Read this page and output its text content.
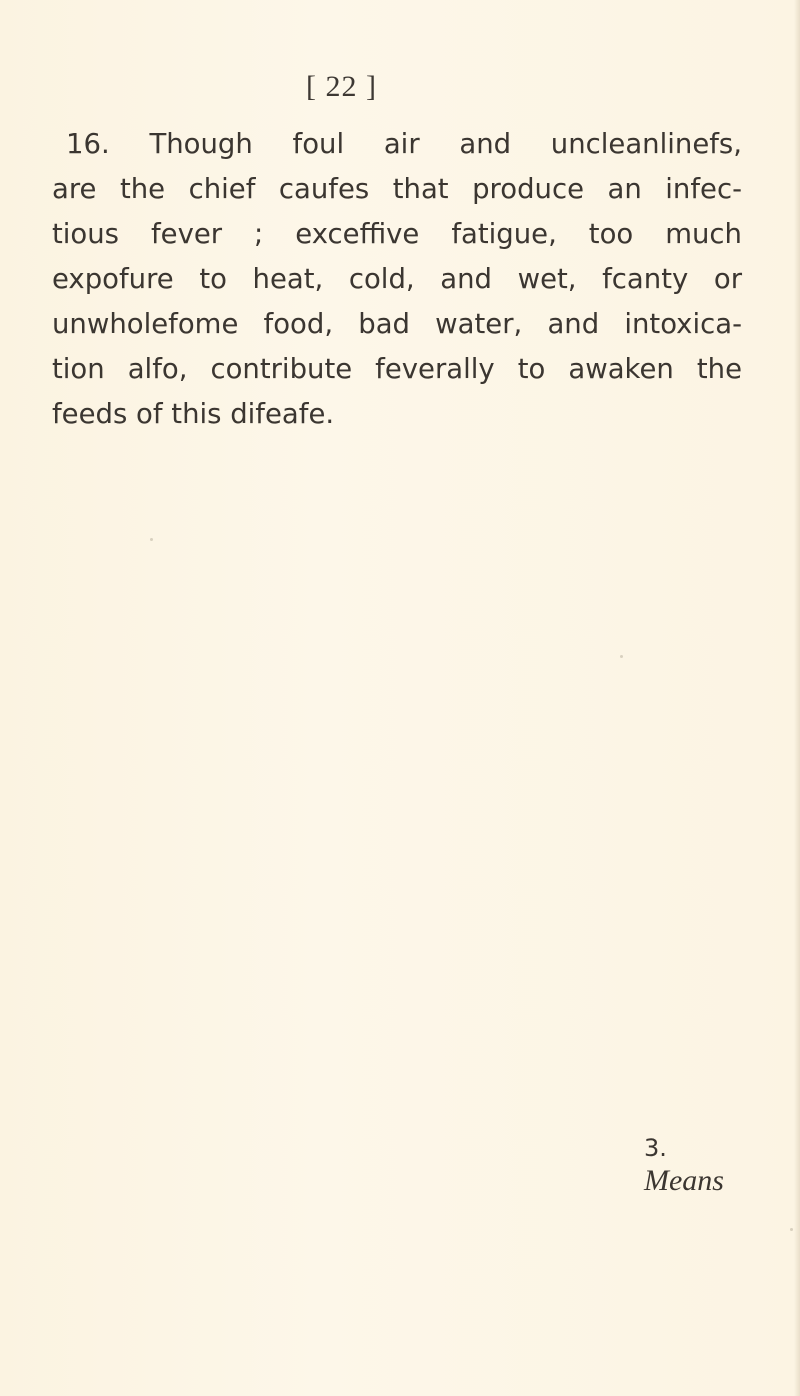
[ 22 ]

16. Though foul air and uncleanlinefs,
are the chief caufes that produce an infec-
tious fever ; exceffive fatigue, too much
expofure to heat, cold, and wet, fcanty or
unwholefome food, bad water, and intoxica-
tion alfo, contribute feverally to awaken the
feeds of this difeafe.

3.
Means
